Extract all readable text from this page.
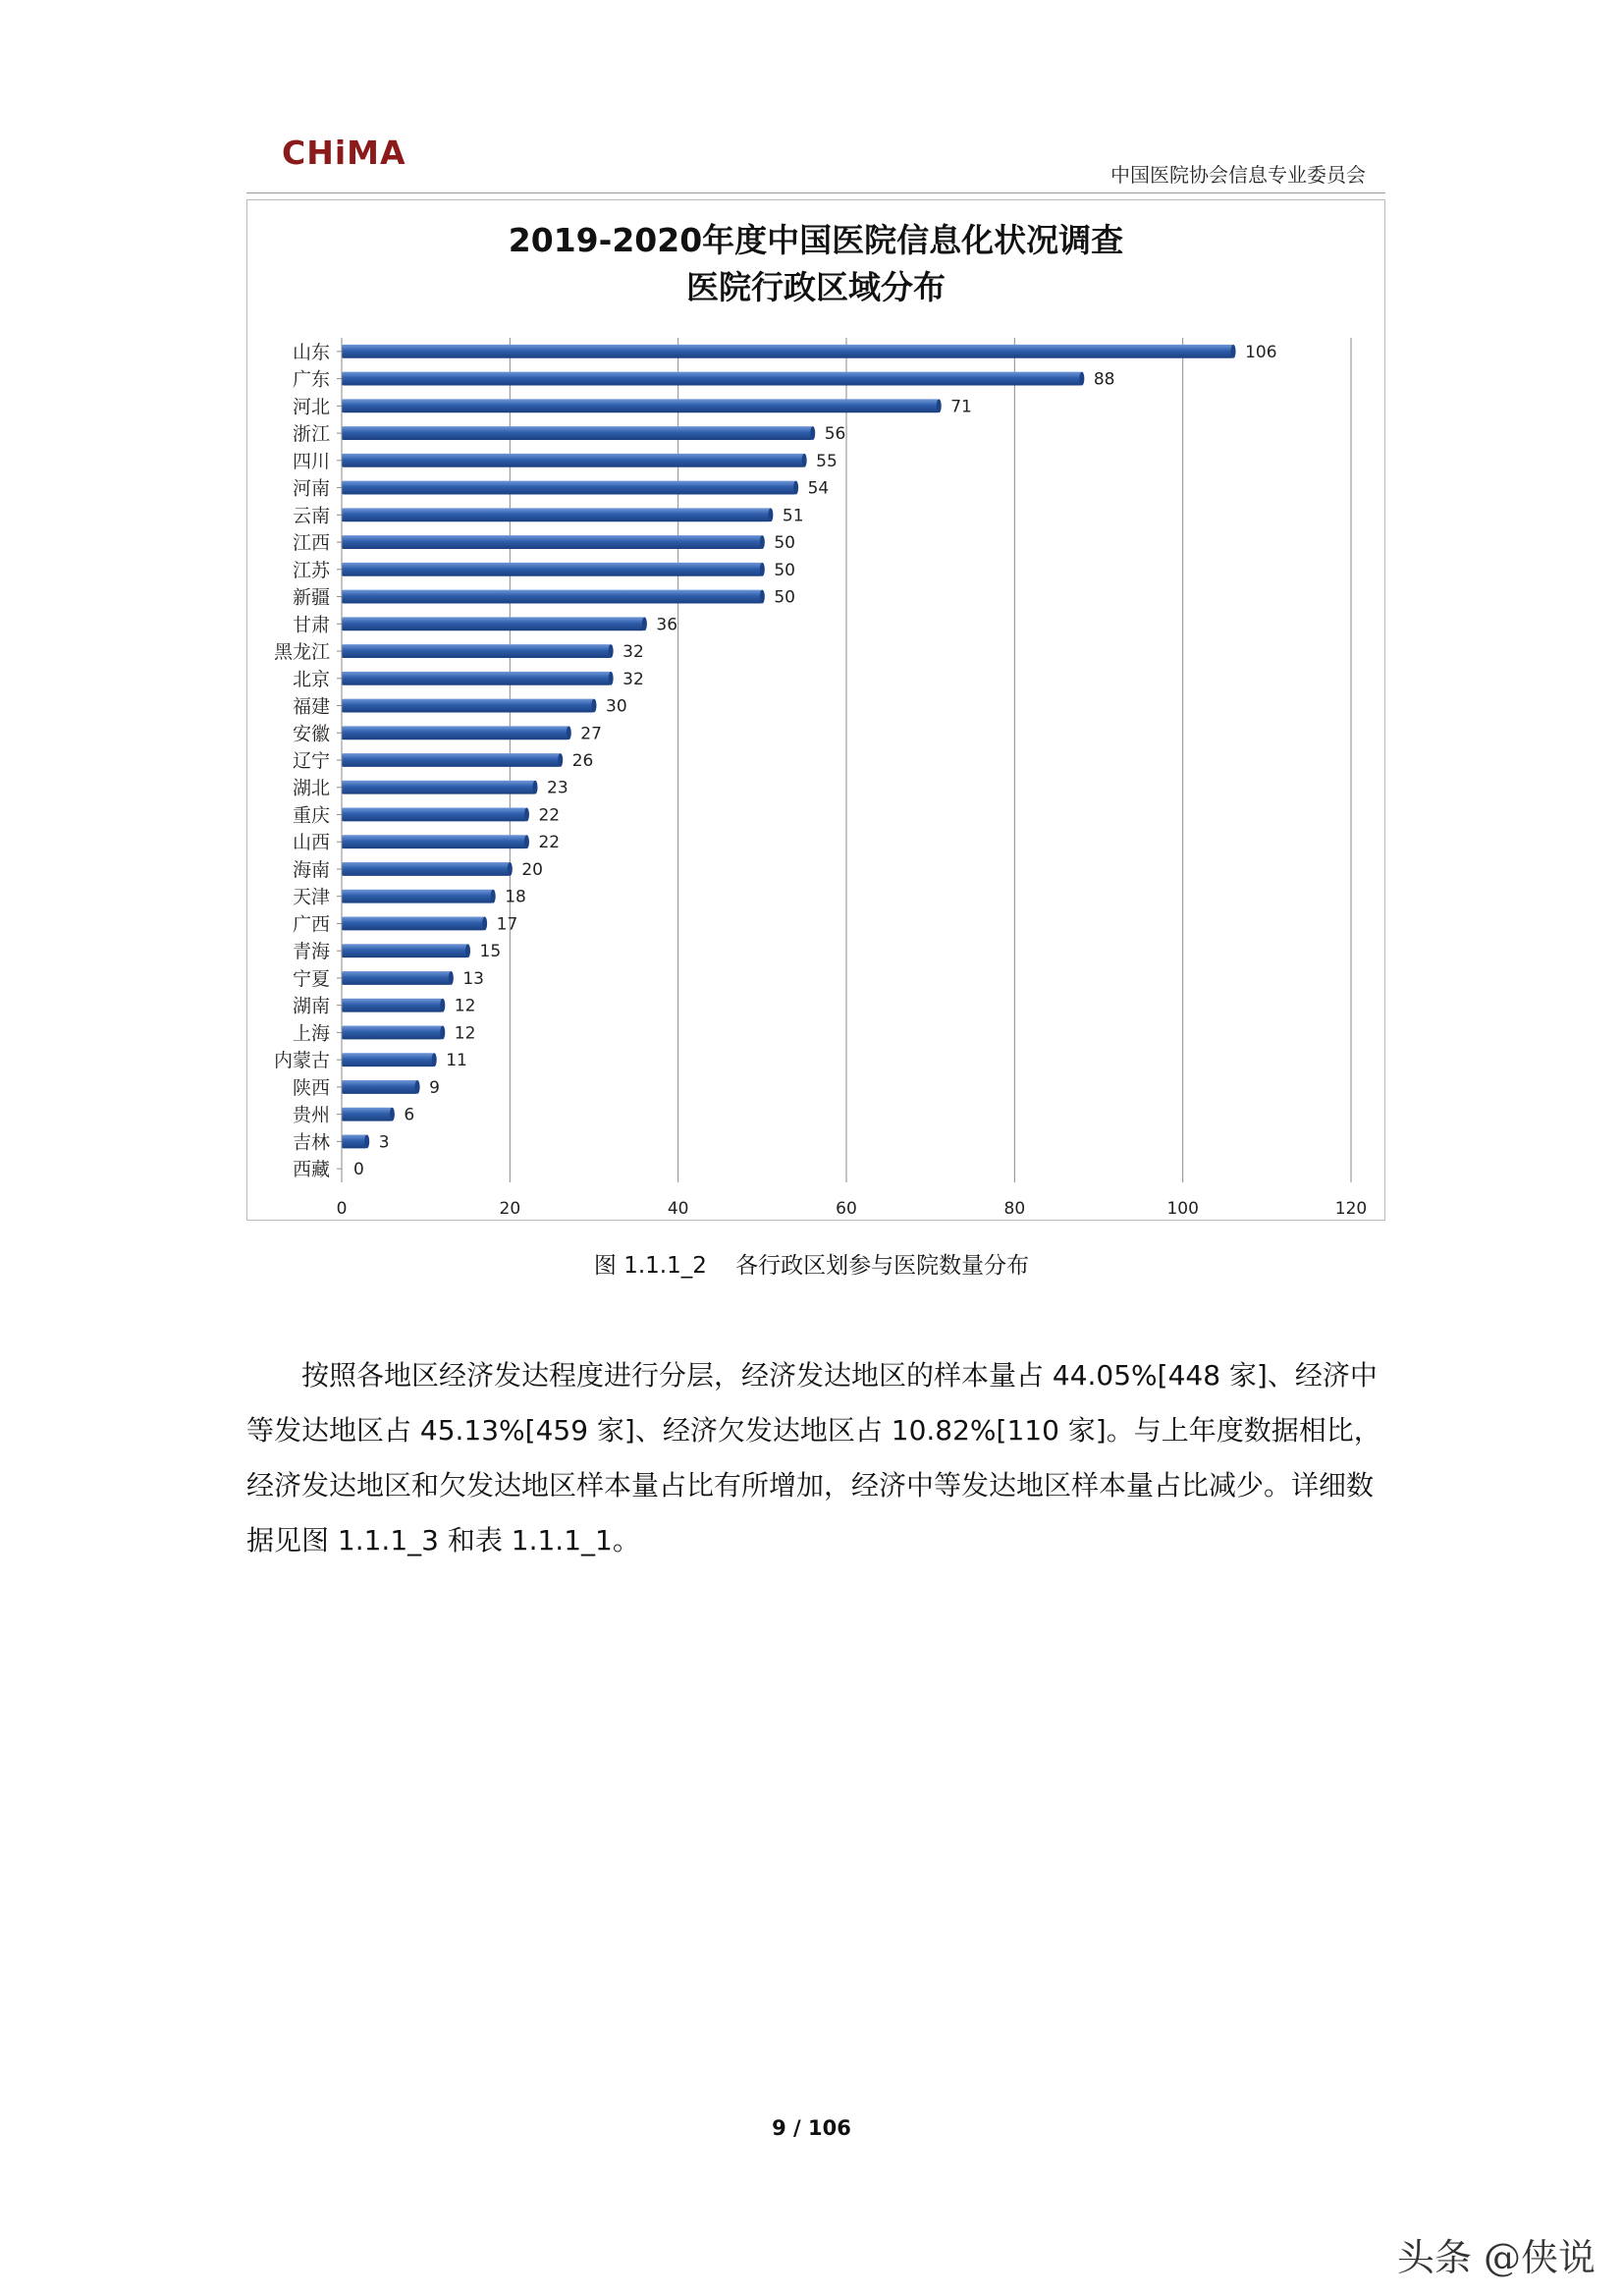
CHiMA
中国医院协会信息专业委员会
2019-2020年度中国医院信息化状况调查
医院行政区域分布
106
88
71
56
55
54
51
50
50
50
36
32
32
30
27
26
23
22
22
20
18
17
15
13
12
12
11
9
6
3
0
0	20	40	60	80	100	120
山东
广东
河北
浙江
四川
河南
云南
江西
江苏
新疆
甘肃
黑龙江
北京
福建
安徽
辽宁
湖北
重庆
山西
海南
天津
广西
青海
宁夏
湖南
上海
内蒙古
陕西
贵州
吉林
西藏
图 1.1.1_2 各行政区划参与医院数量分布

按照各地区经济发达程度进行分层，经济发达地区的样本量占 44.05%[448 家]、经济中等发达地区占 45.13%[459 家]、经济欠发达地区占 10.82%[110 家]。与上年度数据相比，经济发达地区和欠发达地区样本量占比有所增加，经济中等发达地区样本量占比减少。详细数据见图 1.1.1_3 和表 1.1.1_1。

9 / 106
头条 @侠说
